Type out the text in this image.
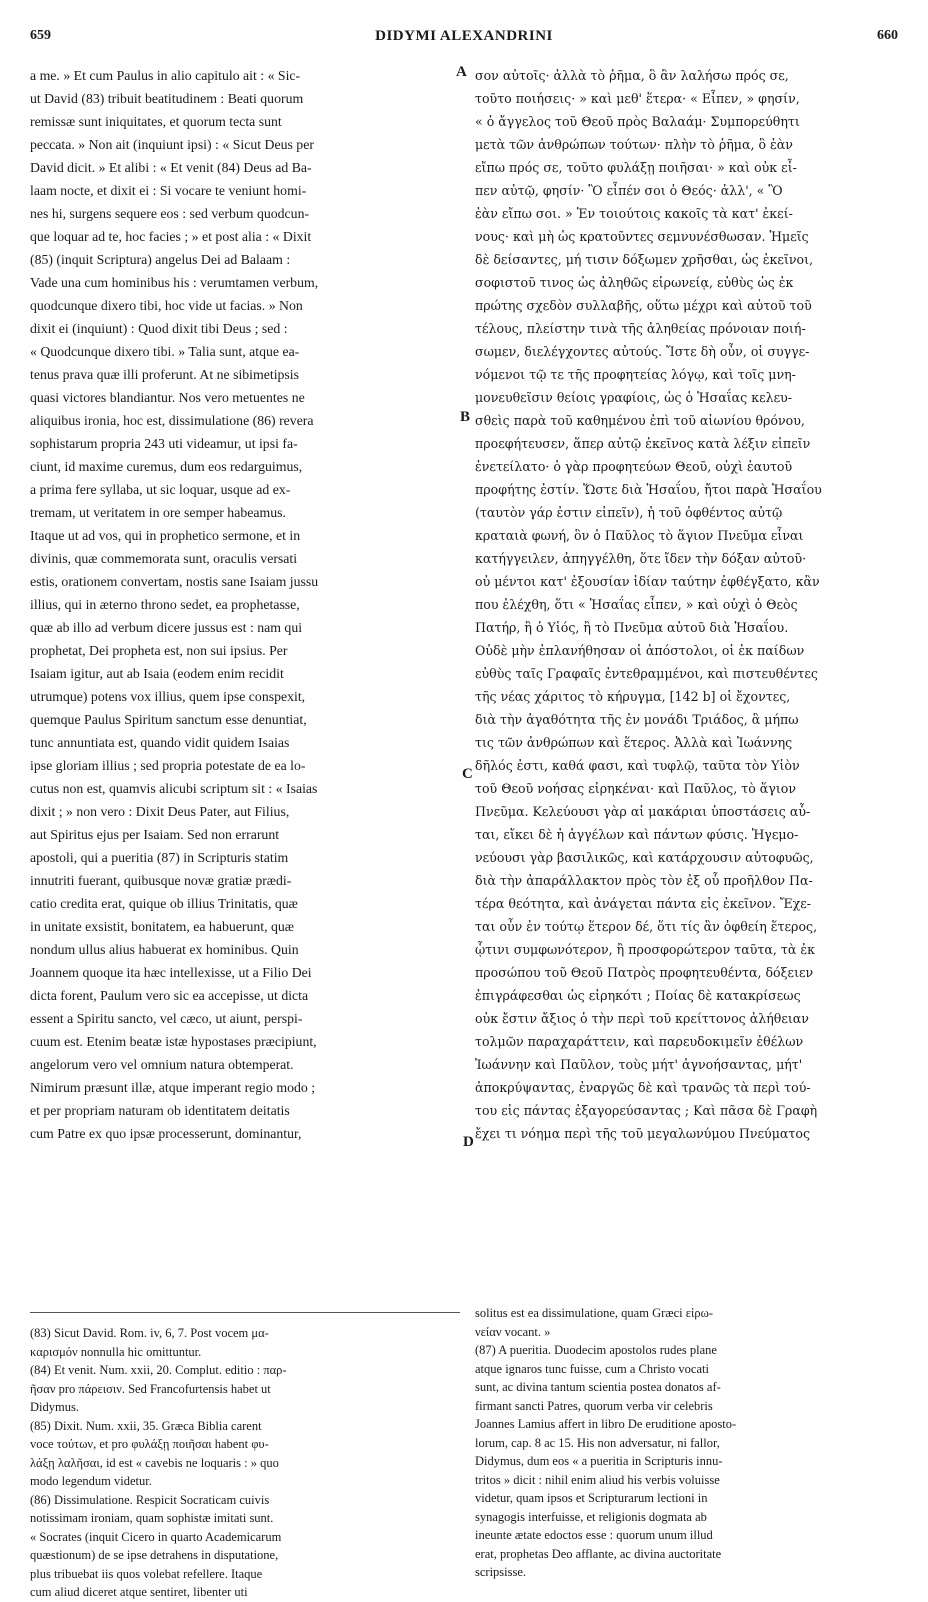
659	DIDYMI ALEXANDRINI	660
a me. » Et cum Paulus in alio capitulo ait : « Sic-
ut David (83) tribuit beatitudinem : Beati quorum
remissæ sunt iniquitates, et quorum tecta sunt
peccata. » Non ait (inquiunt ipsi) : « Sicut Deus per
David dicit. » Et alibi : « Et venit (84) Deus ad Ba-
laam nocte, et dixit ei : Si vocare te veniunt homi-
nes hi, surgens sequere eos : sed verbum quodcun-
que loquar ad te, hoc facies ; » et post alia : « Dixit
(85) (inquit Scriptura) angelus Dei ad Balaam :
Vade una cum hominibus his : verumtamen verbum,
quodcunque dixero tibi, hoc vide ut facias. » Non
dixit ei (inquiunt) : Quod dixit tibi Deus ; sed :
« Quodcunque dixero tibi. » Talia sunt, atque ea-
tenus prava quæ illi proferunt. At ne sibimetipsis
quasi victores blandiantur. Nos vero metuentes ne
aliquibus ironia, hoc est, dissimulatione (86) revera
sophistarum propria 243 uti videamur, ut ipsi fa-
ciunt, id maxime curemus, dum eos redarguimus,
a prima fere syllaba, ut sic loquar, usque ad ex-
tremam, ut veritatem in ore semper habeamus.
Itaque ut ad vos, qui in prophetico sermone, et in
divinis, quæ commemorata sunt, oraculis versati
estis, orationem convertam, nostis sane Isaiam jussu
illius, qui in æterno throno sedet, ea prophetasse,
quæ ab illo ad verbum dicere jussus est : nam qui
prophetat, Dei propheta est, non sui ipsius. Per
Isaiam igitur, aut ab Isaia (eodem enim recidit
utrumque) potens vox illius, quem ipse conspexit,
quemque Paulus Spiritum sanctum esse denuntiat,
tunc annuntiata est, quando vidit quidem Isaias
ipse gloriam illius ; sed propria potestate de ea lo-
cutus non est, quamvis alicubi scriptum sit : « Isaias
dixit ; » non vero : Dixit Deus Pater, aut Filius,
aut Spiritus ejus per Isaiam. Sed non errarunt
apostoli, qui a pueritia (87) in Scripturis statim
innutriti fuerant, quibusque novæ gratiæ prædi-
catio credita erat, quique ob illius Trinitatis, quæ
in unitate exsistit, bonitatem, ea habuerunt, quæ
nondum ullus alius habuerat ex hominibus. Quin
Joannem quoque ita hæc intellexisse, ut a Filio Dei
dicta forent, Paulum vero sic ea accepisse, ut dicta
essent a Spiritu sancto, vel cæco, ut aiunt, perspi-
cuum est. Etenim beatæ istæ hypostases præcipiunt,
angelorum vero vel omnium natura obtemperat.
Nimirum præsunt illæ, atque imperant regio modo ;
et per propriam naturam ob identitatem deitatis
cum Patre ex quo ipsæ processerunt, dominantur,
σον αὐτοῖς· ἀλλὰ τὸ ῥῆμα, ὃ ἂν λαλήσω πρός σε,
τοῦτο ποιήσεις· » καὶ μεθ' ἕτερα· « Εἶπεν, » φησίν,
« ὁ ἄγγελος τοῦ Θεοῦ πρὸς Βαλαάμ· Συμπορεύθητι
μετὰ τῶν ἀνθρώπων τούτων· πλὴν τὸ ῥῆμα, ὃ ἐὰν
εἴπω πρός σε, τοῦτο φυλάξῃ ποιῆσαι· » καὶ οὐκ εἶ-
πεν αὐτῷ, φησίν· Ὃ εἶπέν σοι ὁ Θεός· ἀλλ', « Ὃ
ἐὰν εἴπω σοι. » Ἐν τοιούτοις κακοῖς τὰ κατ' ἐκεί-
νους· καὶ μὴ ὡς κρατοῦντες σεμνυνέσθωσαν. Ἡμεῖς
δὲ δείσαντες, μή τισιν δόξωμεν χρῆσθαι, ὡς ἐκεῖνοι,
σοφιστοῦ τινος ὡς ἀληθῶς εἰρωνείᾳ, εὐθὺς ὡς ἐκ
πρώτης σχεδὸν συλλαβῆς, οὕτω μέχρι καὶ αὐτοῦ τοῦ
τέλους, πλείστην τινὰ τῆς ἀληθείας πρόνοιαν ποιή-
σωμεν, διελέγχοντες αὐτούς. Ἴστε δὴ οὖν, οἱ συγγε-
νόμενοι τῷ τε τῆς προφητείας λόγῳ, καὶ τοῖς μνη-
μονευθεῖσιν θείοις γραφίοις, ὡς ὁ Ἡσαΐας κελευ-
σθεὶς παρὰ τοῦ καθημένου ἐπὶ τοῦ αἰωνίου θρόνου,
προεφήτευσεν, ἅπερ αὐτῷ ἐκεῖνος κατὰ λέξιν εἰπεῖν
ἐνετείλατο· ὁ γὰρ προφητεύων Θεοῦ, οὐχὶ ἑαυτοῦ
προφήτης ἐστίν. Ὥστε διὰ Ἡσαΐου, ἤτοι παρὰ Ἡσαΐου
(ταυτὸν γάρ ἐστιν εἰπεῖν), ἡ τοῦ ὀφθέντος αὐτῷ
κραταιὰ φωνή, ὃν ὁ Παῦλος τὸ ἅγιον Πνεῦμα εἶναι
κατήγγειλεν, ἀπηγγέλθη, ὅτε ἴδεν τὴν δόξαν αὐτοῦ·
οὐ μέντοι κατ' ἐξουσίαν ἰδίαν ταύτην ἐφθέγξατο, κἂν
που ἐλέχθη, ὅτι « Ἡσαΐας εἶπεν, » καὶ οὐχὶ ὁ Θεὸς
Πατήρ, ἢ ὁ Υἱός, ἢ τὸ Πνεῦμα αὐτοῦ διὰ Ἡσαΐου.
Οὐδὲ μὴν ἐπλανήθησαν οἱ ἀπόστολοι, οἱ ἐκ παίδων
εὐθὺς ταῖς Γραφαῖς ἐντεθραμμένοι, καὶ πιστευθέντες
τῆς νέας χάριτος τὸ κήρυγμα, [142 b] οἱ ἔχοντες,
διὰ τὴν ἀγαθότητα τῆς ἐν μονάδι Τριάδος, ἃ μήπω
τις τῶν ἀνθρώπων καὶ ἕτερος. Ἀλλὰ καὶ Ἰωάννης
δῆλός ἐστι, καθά φασι, καὶ τυφλῷ, ταῦτα τὸν Υἱὸν
τοῦ Θεοῦ νοήσας εἰρηκέναι· καὶ Παῦλος, τὸ ἅγιον
Πνεῦμα. Κελεύουσι γὰρ αἱ μακάριαι ὑποστάσεις αὗ-
ται, εἴκει δὲ ἡ ἀγγέλων καὶ πάντων φύσις. Ἡγεμο-
νεύουσι γὰρ βασιλικῶς, καὶ κατάρχουσιν αὐτοφυῶς,
διὰ τὴν ἀπαράλλακτον πρὸς τὸν ἐξ οὗ προῆλθον Πα-
τέρα θεότητα, καὶ ἀνάγεται πάντα εἰς ἐκεῖνον. Ἔχε-
ται οὖν ἐν τούτῳ ἕτερον δέ, ὅτι τίς ἂν ὀφθείη ἕτερος,
ᾧτινι συμφωνότερον, ἢ προσφορώτερον ταῦτα, τὰ ἐκ
προσώπου τοῦ Θεοῦ Πατρὸς προφητευθέντα, δόξειεν
ἐπιγράφεσθαι ὡς εἰρηκότι ; Ποίας δὲ κατακρίσεως
οὐκ ἔστιν ἄξιος ὁ τὴν περὶ τοῦ κρείττονος ἀλήθειαν
τολμῶν παραχαράττειν, καὶ παρευδοκιμεῖν ἐθέλων
Ἰωάννην καὶ Παῦλον, τοὺς μήτ' ἀγνοήσαντας, μήτ'
ἀποκρύψαντας, ἐναργῶς δὲ καὶ τρανῶς τὰ περὶ τού-
του εἰς πάντας ἐξαγορεύσαντας ; Καὶ πᾶσα δὲ Γραφὴ
ἔχει τι νόημα περὶ τῆς τοῦ μεγαλωνύμου Πνεύματος
A
B
C
D
(83) Sicut David. Rom. iv, 6, 7. Post vocem μα-
καρισμόν nonnulla hic omittuntur.
(84) Et venit. Num. xxii, 20. Complut. editio : παρ-
ῆσαν pro πάρεισιν. Sed Francofurtensis habet ut
Didymus.
(85) Dixit. Num. xxii, 35. Græca Biblia carent
voce τούτων, et pro φυλάξῃ ποιῆσαι habent φυ-
λάξῃ λαλῆσαι, id est « cavebis ne loquaris : » quo
modo legendum videtur.
(86) Dissimulatione. Respicit Socraticam cuivis
notissimam ironiam, quam sophistæ imitati sunt.
« Socrates (inquit Cicero in quarto Academicarum
quæstionum) de se ipse detrahens in disputatione,
plus tribuebat iis quos volebat refellere. Itaque
cum aliud diceret atque sentiret, libenter uti
solitus est ea dissimulatione, quam Græci εἰρω-
νείαν vocant. »
(87) A pueritia. Duodecim apostolos rudes plane
atque ignaros tunc fuisse, cum a Christo vocati
sunt, ac divina tantum scientia postea donatos af-
firmant sancti Patres, quorum verba vir celebris
Joannes Lamius affert in libro De eruditione aposto-
lorum, cap. 8 ac 15. His non adversatur, ni fallor,
Didymus, dum eos « a pueritia in Scripturis innu-
tritos » dicit : nihil enim aliud his verbis voluisse
videtur, quam ipsos et Scripturarum lectioni in
synagogis interfuisse, et religionis dogmata ab
ineunte ætate edoctos esse : quorum unum illud
erat, prophetas Deo afflante, ac divina auctoritate
scripsisse.
